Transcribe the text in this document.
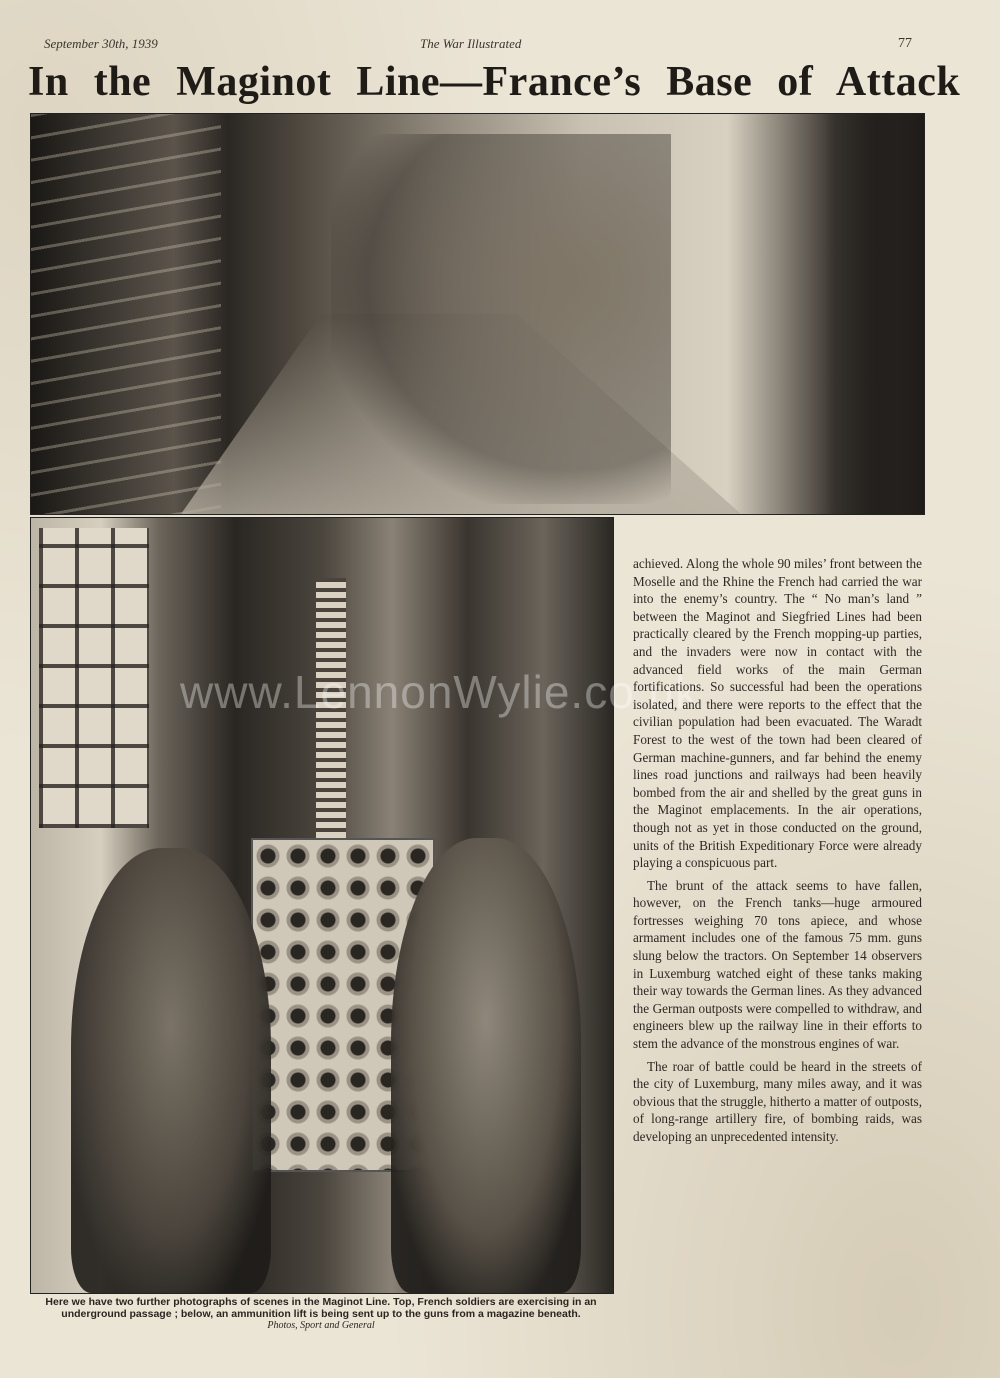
September 30th, 1939	The War Illustrated	77
In the Maginot Line—France’s Base of Attack
www.LennonWylie.co.uk
Here we have two further photographs of scenes in the Maginot Line. Top, French soldiers are exercising in an underground passage ; below, an ammunition lift is being sent up to the guns from a magazine beneath.
Photos, Sport and General

achieved. Along the whole 90 miles’ front between the Moselle and the Rhine the French had carried the war into the enemy’s country. The “ No man’s land ” between the Maginot and Siegfried Lines had been practically cleared by the French mopping-up parties, and the invaders were now in contact with the advanced field works of the main German fortifications. So successful had been the operations isolated, and there were reports to the effect that the civilian population had been evacuated. The Waradt Forest to the west of the town had been cleared of German machine-gunners, and far behind the enemy lines road junctions and railways had been heavily bombed from the air and shelled by the great guns in the Maginot emplacements. In the air operations, though not as yet in those conducted on the ground, units of the British Expeditionary Force were already playing a conspicuous part.

The brunt of the attack seems to have fallen, however, on the French tanks—huge armoured fortresses weighing 70 tons apiece, and whose armament includes one of the famous 75 mm. guns slung below the tractors. On September 14 observers in Luxemburg watched eight of these tanks making their way towards the German lines. As they advanced the German outposts were compelled to withdraw, and engineers blew up the railway line in their efforts to stem the advance of the monstrous engines of war.

The roar of battle could be heard in the streets of the city of Luxemburg, many miles away, and it was obvious that the struggle, hitherto a matter of outposts, of long-range artillery fire, of bombing raids, was developing an unprecedented intensity.
